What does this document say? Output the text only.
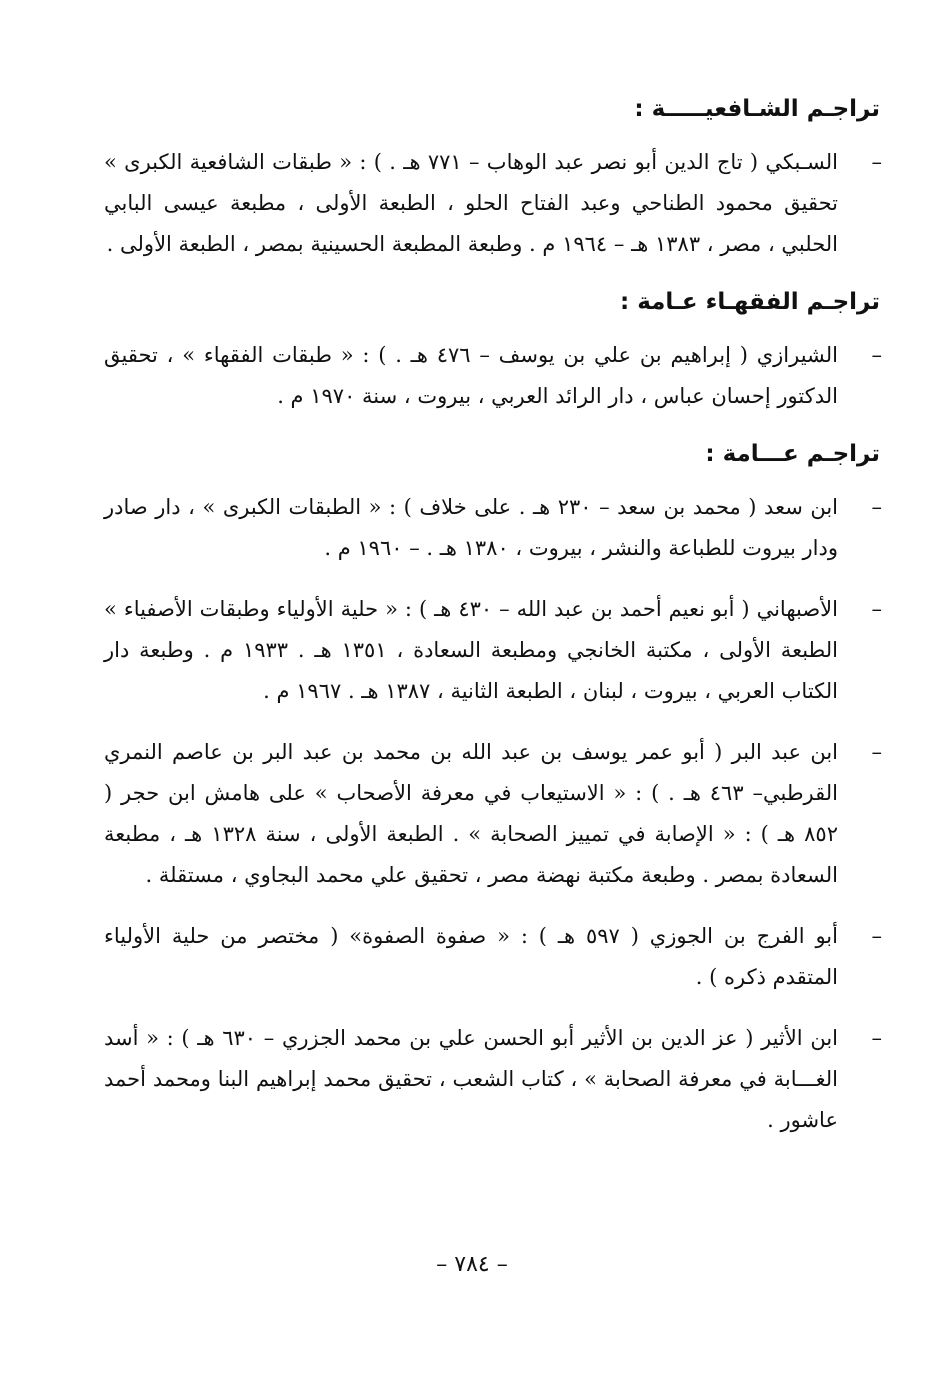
تراجـم الشـافعيـــــة :
–
السـبكي ( تاج الدين أبو نصر عبد الوهاب – ٧٧١ هـ . ) : « طبقات الشافعية الكبرى » تحقيق محمود الطناحي وعبد الفتاح الحلو ، الطبعة الأولى ، مطبعة عيسى البابي الحلبي ، مصر ، ١٣٨٣ هـ – ١٩٦٤ م . وطبعة المطبعة الحسينية بمصر ، الطبعة الأولى .
تراجـم الفقهـاء عـامة :
–
الشيرازي ( إبراهيم بن علي بن يوسف – ٤٧٦ هـ . ) : « طبقات الفقهاء » ، تحقيق الدكتور إحسان عباس ، دار الرائد العربي ، بيروت ، سنة ١٩٧٠ م .
تراجـم عـــامة :
–
ابن سعد ( محمد بن سعد – ٢٣٠ هـ . على خلاف ) : « الطبقات الكبرى » ، دار صادر ودار بيروت للطباعة والنشر ، بيروت ، ١٣٨٠ هـ . – ١٩٦٠ م .
–
الأصبهاني ( أبو نعيم أحمد بن عبد الله – ٤٣٠ هـ ) : « حلية الأولياء وطبقات الأصفياء » الطبعة الأولى ، مكتبة الخانجي ومطبعة السعادة ، ١٣٥١ هـ . ١٩٣٣ م . وطبعة دار الكتاب العربي ، بيروت ، لبنان ، الطبعة الثانية ، ١٣٨٧ هـ . ١٩٦٧ م .
–
ابن عبد البر ( أبو عمر يوسف بن عبد الله بن محمد بن عبد البر بن عاصم النمري القرطبي– ٤٦٣ هـ . ) : « الاستيعاب في معرفة الأصحاب » على هامش ابن حجر ( ٨٥٢ هـ ) : « الإصابة في تمييز الصحابة » . الطبعة الأولى ، سنة ١٣٢٨ هـ ، مطبعة السعادة بمصر . وطبعة مكتبة نهضة مصر ، تحقيق علي محمد البجاوي ، مستقلة .
–
أبو الفرج بن الجوزي ( ٥٩٧ هـ ) : « صفوة الصفوة» ( مختصر من حلية الأولياء المتقدم ذكره ) .
–
ابن الأثير ( عز الدين بن الأثير أبو الحسن علي بن محمد الجزري – ٦٣٠ هـ ) : « أسد الغـــابة في معرفة الصحابة » ، كتاب الشعب ، تحقيق محمد إبراهيم البنا ومحمد أحمد عاشور .
– ٧٨٤ –
